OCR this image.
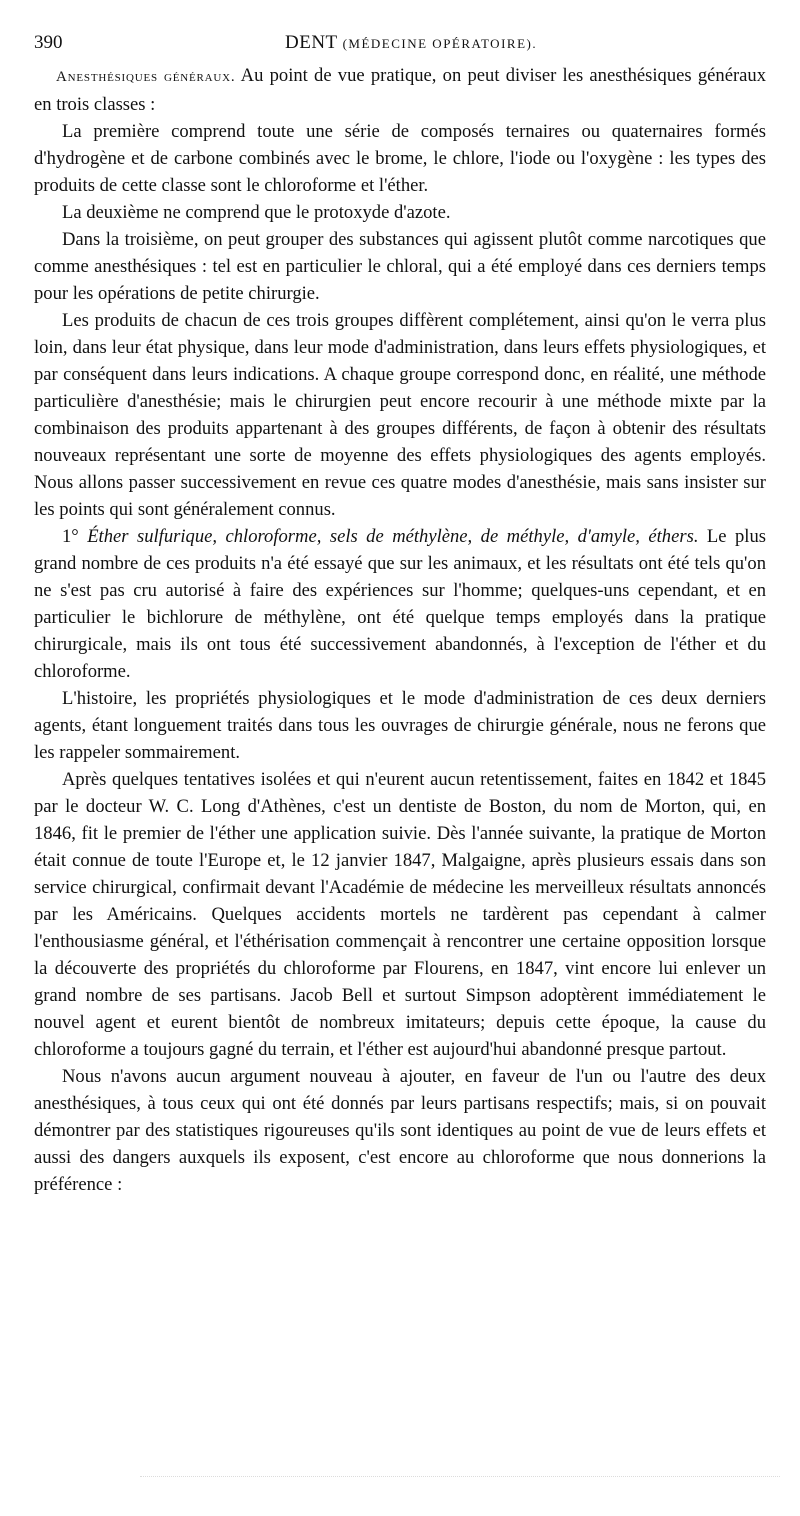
390	DENT (MÉDECINE OPÉRATOIRE).

Anesthésiques généraux. Au point de vue pratique, on peut diviser les anesthésiques généraux en trois classes :

La première comprend toute une série de composés ternaires ou quaternaires formés d'hydrogène et de carbone combinés avec le brome, le chlore, l'iode ou l'oxygène : les types des produits de cette classe sont le chloroforme et l'éther.

La deuxième ne comprend que le protoxyde d'azote.

Dans la troisième, on peut grouper des substances qui agissent plutôt comme narcotiques que comme anesthésiques : tel est en particulier le chloral, qui a été employé dans ces derniers temps pour les opérations de petite chirurgie.

Les produits de chacun de ces trois groupes diffèrent complétement, ainsi qu'on le verra plus loin, dans leur état physique, dans leur mode d'administration, dans leurs effets physiologiques, et par conséquent dans leurs indications. A chaque groupe correspond donc, en réalité, une méthode particulière d'anesthésie; mais le chirurgien peut encore recourir à une méthode mixte par la combinaison des produits appartenant à des groupes différents, de façon à obtenir des résultats nouveaux représentant une sorte de moyenne des effets physiologiques des agents employés. Nous allons passer successivement en revue ces quatre modes d'anesthésie, mais sans insister sur les points qui sont généralement connus.

1° Éther sulfurique, chloroforme, sels de méthylène, de méthyle, d'amyle, éthers. Le plus grand nombre de ces produits n'a été essayé que sur les animaux, et les résultats ont été tels qu'on ne s'est pas cru autorisé à faire des expériences sur l'homme; quelques-uns cependant, et en particulier le bichlorure de méthylène, ont été quelque temps employés dans la pratique chirurgicale, mais ils ont tous été successivement abandonnés, à l'exception de l'éther et du chloroforme.

L'histoire, les propriétés physiologiques et le mode d'administration de ces deux derniers agents, étant longuement traités dans tous les ouvrages de chirurgie générale, nous ne ferons que les rappeler sommairement.

Après quelques tentatives isolées et qui n'eurent aucun retentissement, faites en 1842 et 1845 par le docteur W. C. Long d'Athènes, c'est un dentiste de Boston, du nom de Morton, qui, en 1846, fit le premier de l'éther une application suivie. Dès l'année suivante, la pratique de Morton était connue de toute l'Europe et, le 12 janvier 1847, Malgaigne, après plusieurs essais dans son service chirurgical, confirmait devant l'Académie de médecine les merveilleux résultats annoncés par les Américains. Quelques accidents mortels ne tardèrent pas cependant à calmer l'enthousiasme général, et l'éthérisation commençait à rencontrer une certaine opposition lorsque la découverte des propriétés du chloroforme par Flourens, en 1847, vint encore lui enlever un grand nombre de ses partisans. Jacob Bell et surtout Simpson adoptèrent immédiatement le nouvel agent et eurent bientôt de nombreux imitateurs; depuis cette époque, la cause du chloroforme a toujours gagné du terrain, et l'éther est aujourd'hui abandonné presque partout.

Nous n'avons aucun argument nouveau à ajouter, en faveur de l'un ou l'autre des deux anesthésiques, à tous ceux qui ont été donnés par leurs partisans respectifs; mais, si on pouvait démontrer par des statistiques rigoureuses qu'ils sont identiques au point de vue de leurs effets et aussi des dangers auxquels ils exposent, c'est encore au chloroforme que nous donnerions la préférence :
